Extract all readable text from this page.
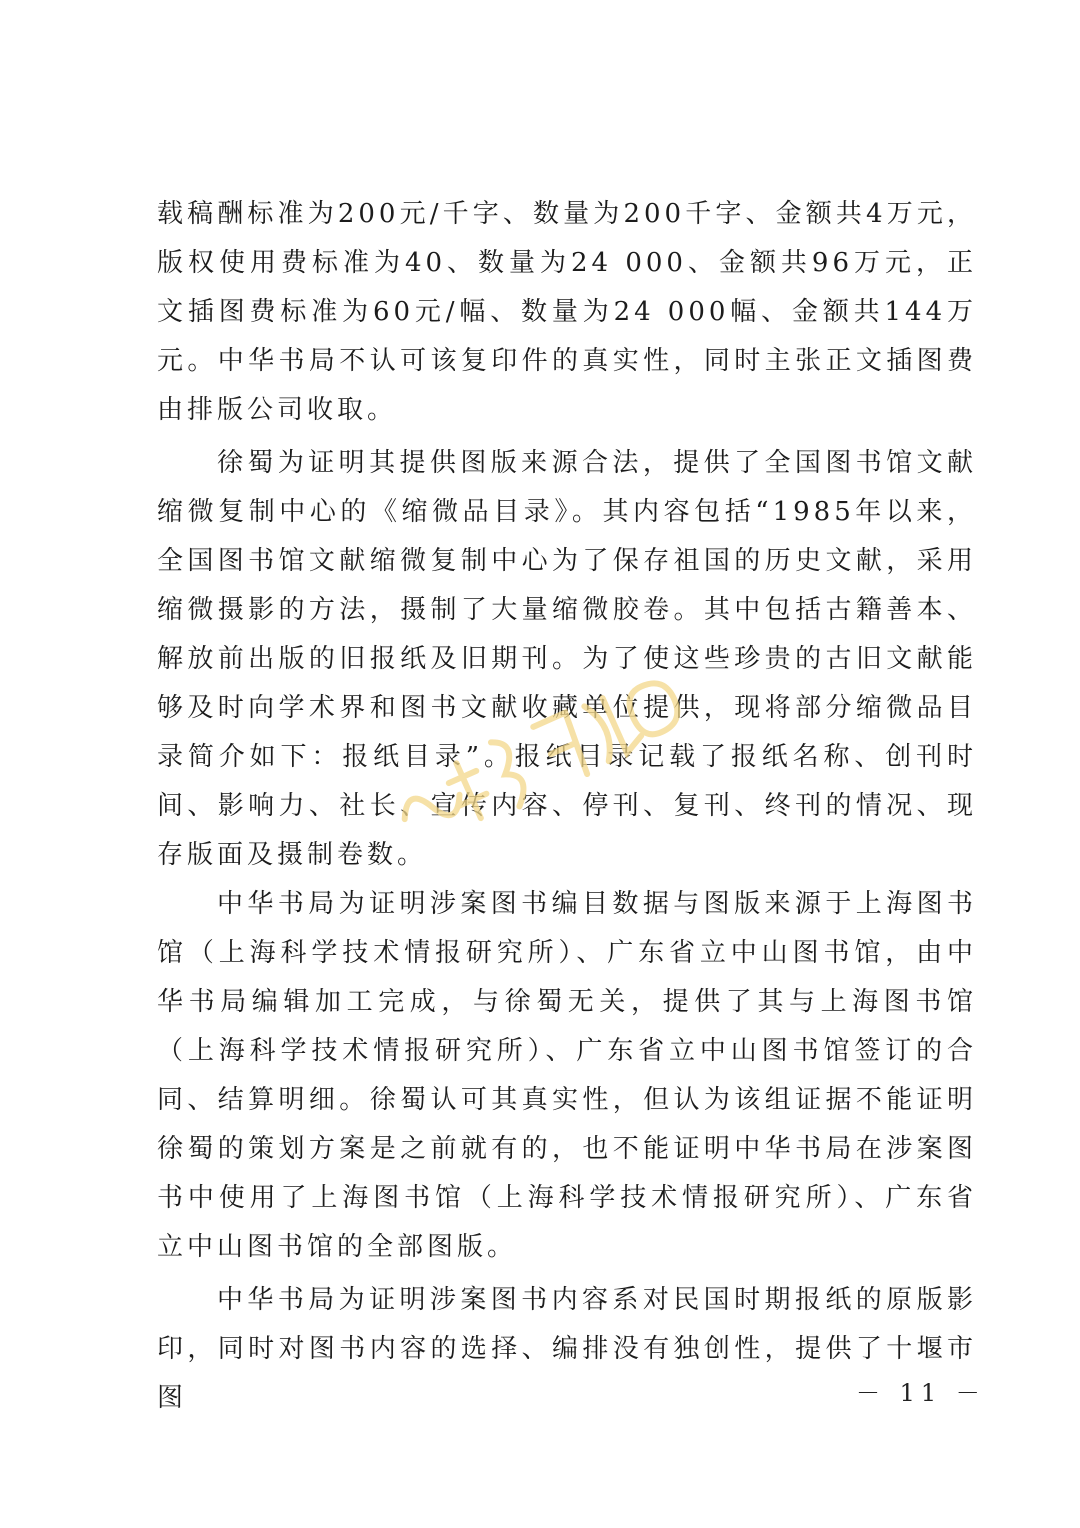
载稿酬标准为200元/千字、数量为200千字、金额共4万元，版权使用费标准为40、数量为24 000、金额共96万元，正文插图费标准为60元/幅、数量为24 000幅、金额共144万元。中华书局不认可该复印件的真实性，同时主张正文插图费由排版公司收取。

徐蜀为证明其提供图版来源合法，提供了全国图书馆文献缩微复制中心的《缩微品目录》。其内容包括“1985年以来，全国图书馆文献缩微复制中心为了保存祖国的历史文献，采用缩微摄影的方法，摄制了大量缩微胶卷。其中包括古籍善本、解放前出版的旧报纸及旧期刊。为了使这些珍贵的古旧文献能够及时向学术界和图书文献收藏单位提供，现将部分缩微品目录简介如下：报纸目录”。报纸目录记载了报纸名称、创刊时间、影响力、社长、宣传内容、停刊、复刊、终刊的情况、现存版面及摄制卷数。

中华书局为证明涉案图书编目数据与图版来源于上海图书馆（上海科学技术情报研究所）、广东省立中山图书馆，由中华书局编辑加工完成，与徐蜀无关，提供了其与上海图书馆（上海科学技术情报研究所）、广东省立中山图书馆签订的合同、结算明细。徐蜀认可其真实性，但认为该组证据不能证明徐蜀的策划方案是之前就有的，也不能证明中华书局在涉案图书中使用了上海图书馆（上海科学技术情报研究所）、广东省立中山图书馆的全部图版。

中华书局为证明涉案图书内容系对民国时期报纸的原版影印，同时对图书内容的选择、编排没有独创性，提供了十堰市图	－ 11 －
